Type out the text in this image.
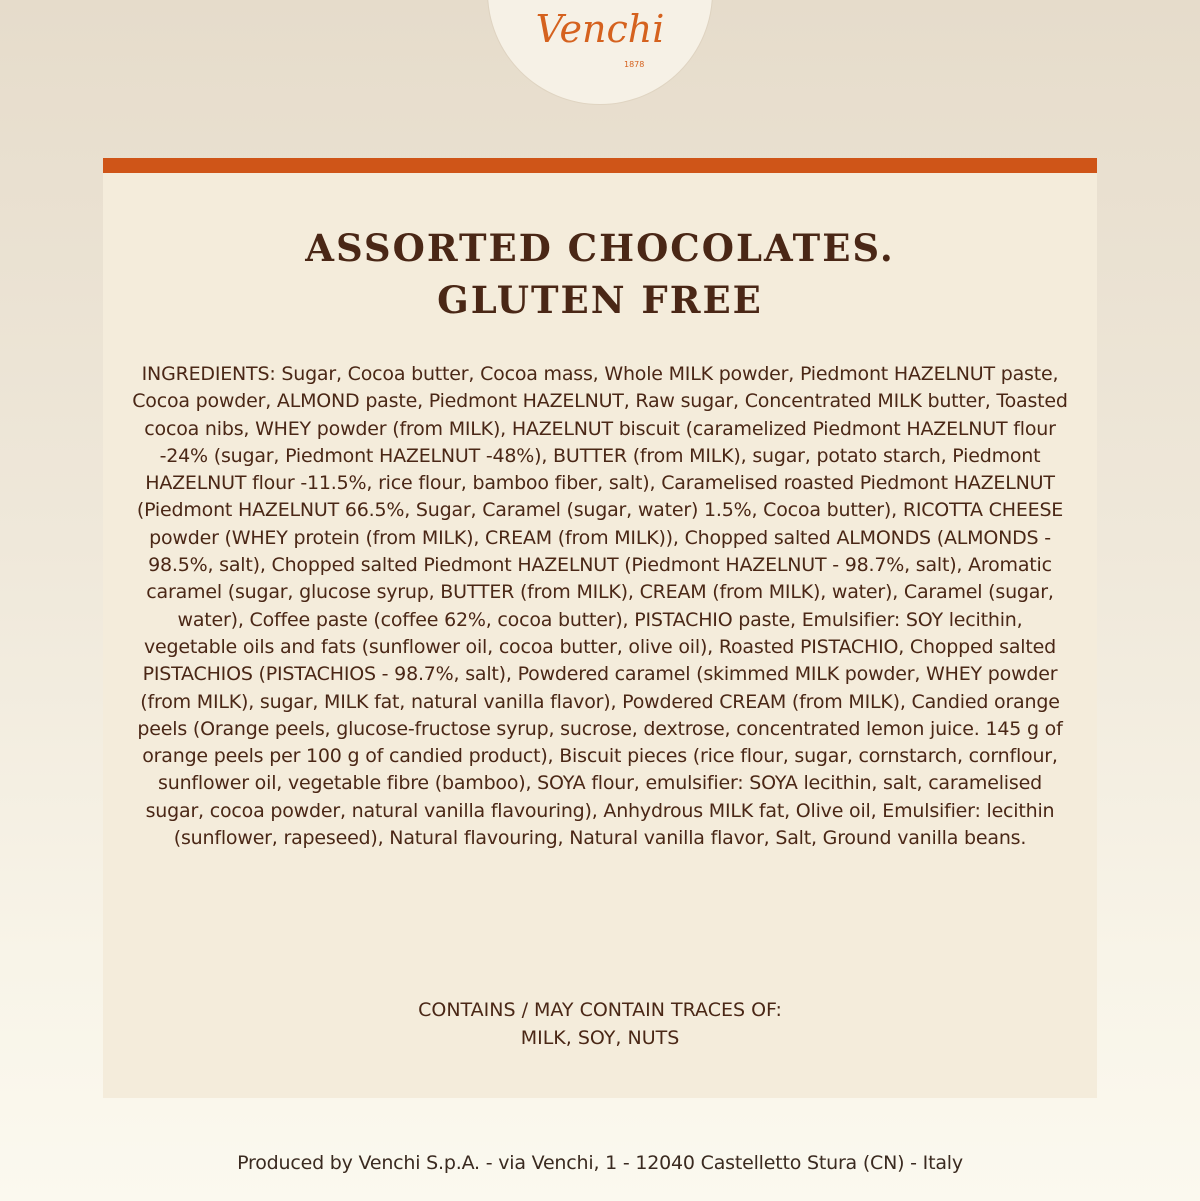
Venchi
1878
ASSORTED CHOCOLATES.
GLUTEN FREE
INGREDIENTS: Sugar, Cocoa butter, Cocoa mass, Whole MILK powder, Piedmont HAZELNUT paste, Cocoa powder, ALMOND paste, Piedmont HAZELNUT, Raw sugar, Concentrated MILK butter, Toasted cocoa nibs, WHEY powder (from MILK), HAZELNUT biscuit (caramelized Piedmont HAZELNUT flour -24% (sugar, Piedmont HAZELNUT -48%), BUTTER (from MILK), sugar, potato starch, Piedmont HAZELNUT flour -11.5%, rice flour, bamboo fiber, salt), Caramelised roasted Piedmont HAZELNUT (Piedmont HAZELNUT 66.5%, Sugar, Caramel (sugar, water) 1.5%, Cocoa butter), RICOTTA CHEESE powder (WHEY protein (from MILK), CREAM (from MILK)), Chopped salted ALMONDS (ALMONDS - 98.5%, salt), Chopped salted Piedmont HAZELNUT (Piedmont HAZELNUT - 98.7%, salt), Aromatic caramel (sugar, glucose syrup, BUTTER (from MILK), CREAM (from MILK), water), Caramel (sugar, water), Coffee paste (coffee 62%, cocoa butter), PISTACHIO paste, Emulsifier: SOY lecithin, vegetable oils and fats (sunflower oil, cocoa butter, olive oil), Roasted PISTACHIO, Chopped salted PISTACHIOS (PISTACHIOS - 98.7%, salt), Powdered caramel (skimmed MILK powder, WHEY powder (from MILK), sugar, MILK fat, natural vanilla flavor), Powdered CREAM (from MILK), Candied orange peels (Orange peels, glucose-fructose syrup, sucrose, dextrose, concentrated lemon juice. 145 g of orange peels per 100 g of candied product), Biscuit pieces (rice flour, sugar, cornstarch, cornflour, sunflower oil, vegetable fibre (bamboo), SOYA flour, emulsifier: SOYA lecithin, salt, caramelised sugar, cocoa powder, natural vanilla flavouring), Anhydrous MILK fat, Olive oil, Emulsifier: lecithin (sunflower, rapeseed), Natural flavouring, Natural vanilla flavor, Salt, Ground vanilla beans.
CONTAINS / MAY CONTAIN TRACES OF:
MILK, SOY, NUTS
Produced by Venchi S.p.A. - via Venchi, 1 - 12040 Castelletto Stura (CN) - Italy
